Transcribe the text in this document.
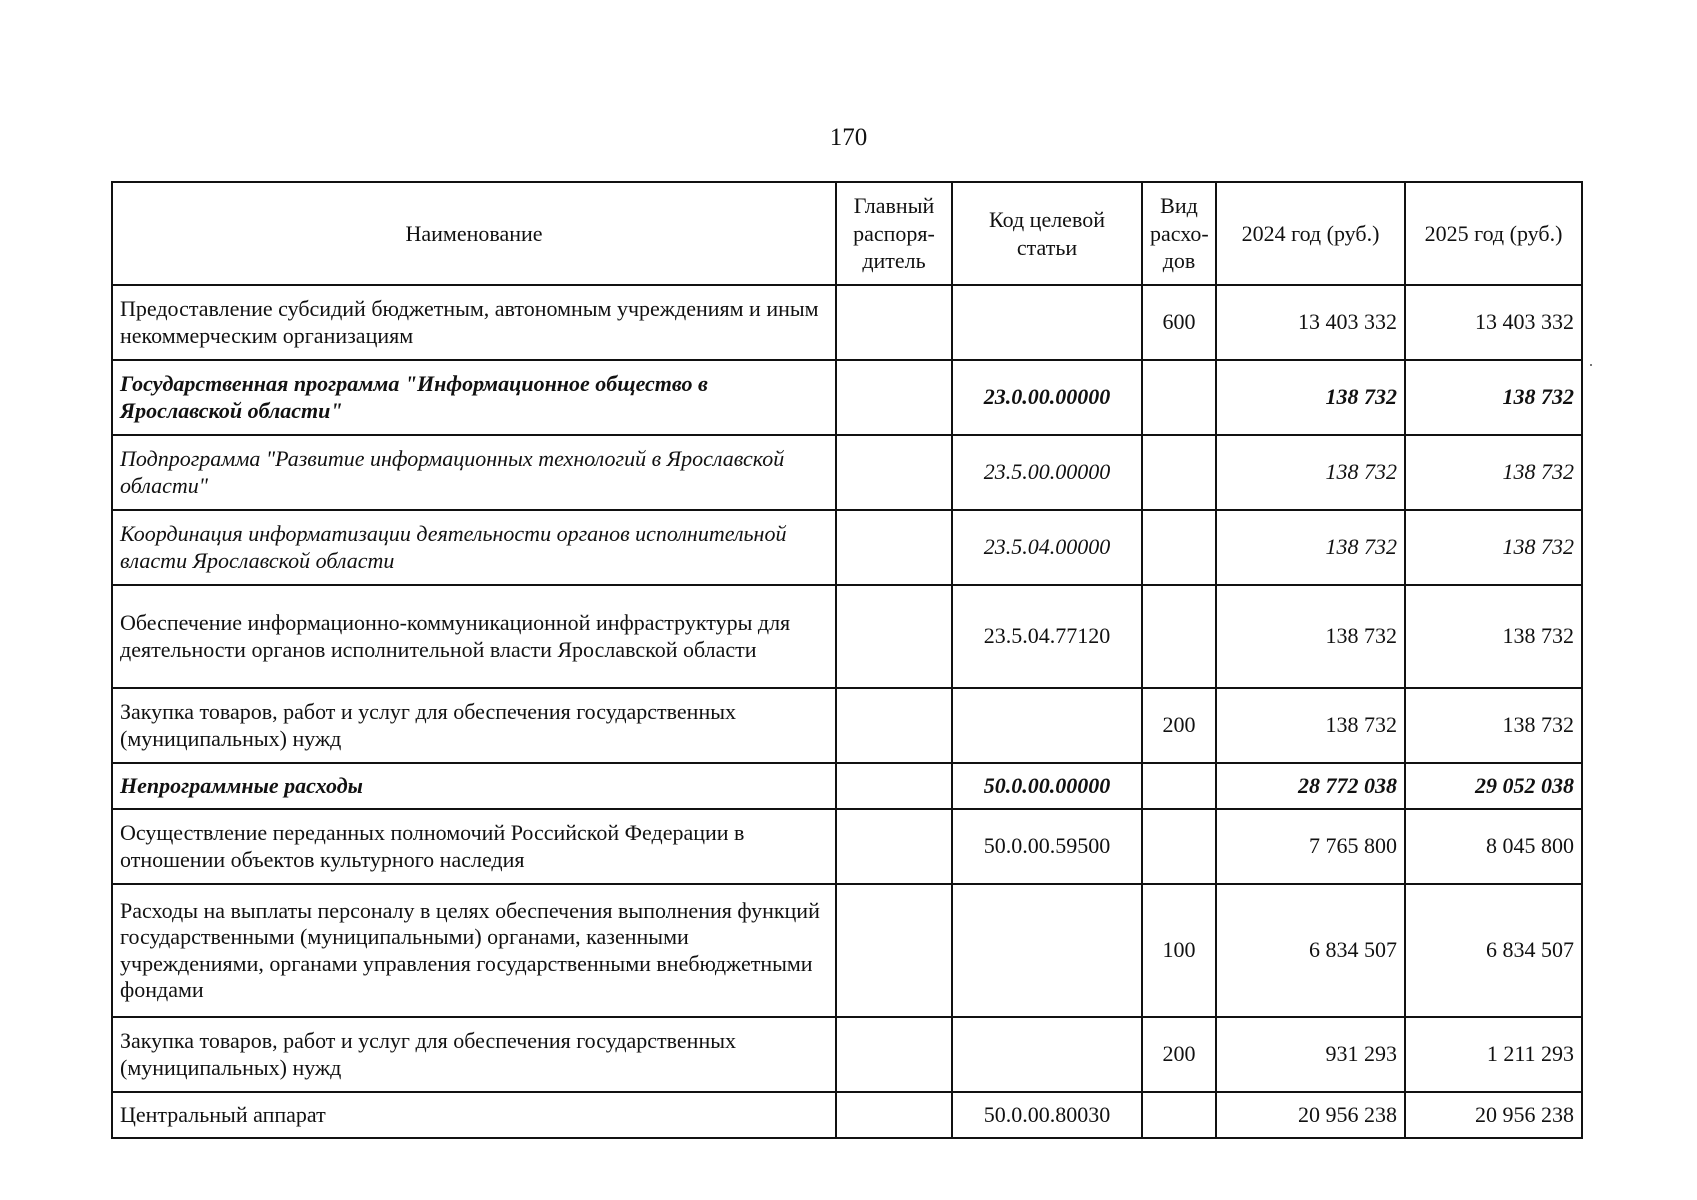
170
Наименование	Главный распоря-дитель	Код целевой статьи	Вид расхо-дов	2024 год (руб.)	2025 год (руб.)
Предоставление субсидий бюджетным, автономным учреждениям и иным некоммерческим организациям			600	13 403 332	13 403 332
Государственная программа "Информационное общество в Ярославской области"		23.0.00.00000		138 732	138 732
Подпрограмма "Развитие информационных технологий в Ярославской области"		23.5.00.00000		138 732	138 732
Координация информатизации деятельности органов исполнительной власти Ярославской области		23.5.04.00000		138 732	138 732
Обеспечение информационно-коммуникационной инфраструктуры для деятельности органов исполнительной власти Ярославской области		23.5.04.77120		138 732	138 732
Закупка товаров, работ и услуг для обеспечения государственных (муниципальных) нужд			200	138 732	138 732
Непрограммные расходы		50.0.00.00000		28 772 038	29 052 038
Осуществление переданных полномочий Российской Федерации в отношении объектов культурного наследия		50.0.00.59500		7 765 800	8 045 800
Расходы на выплаты персоналу в целях обеспечения выполнения функций государственными (муниципальными) органами, казенными учреждениями, органами управления государственными внебюджетными фондами			100	6 834 507	6 834 507
Закупка товаров, работ и услуг для обеспечения государственных (муниципальных) нужд			200	931 293	1 211 293
Центральный аппарат		50.0.00.80030		20 956 238	20 956 238
